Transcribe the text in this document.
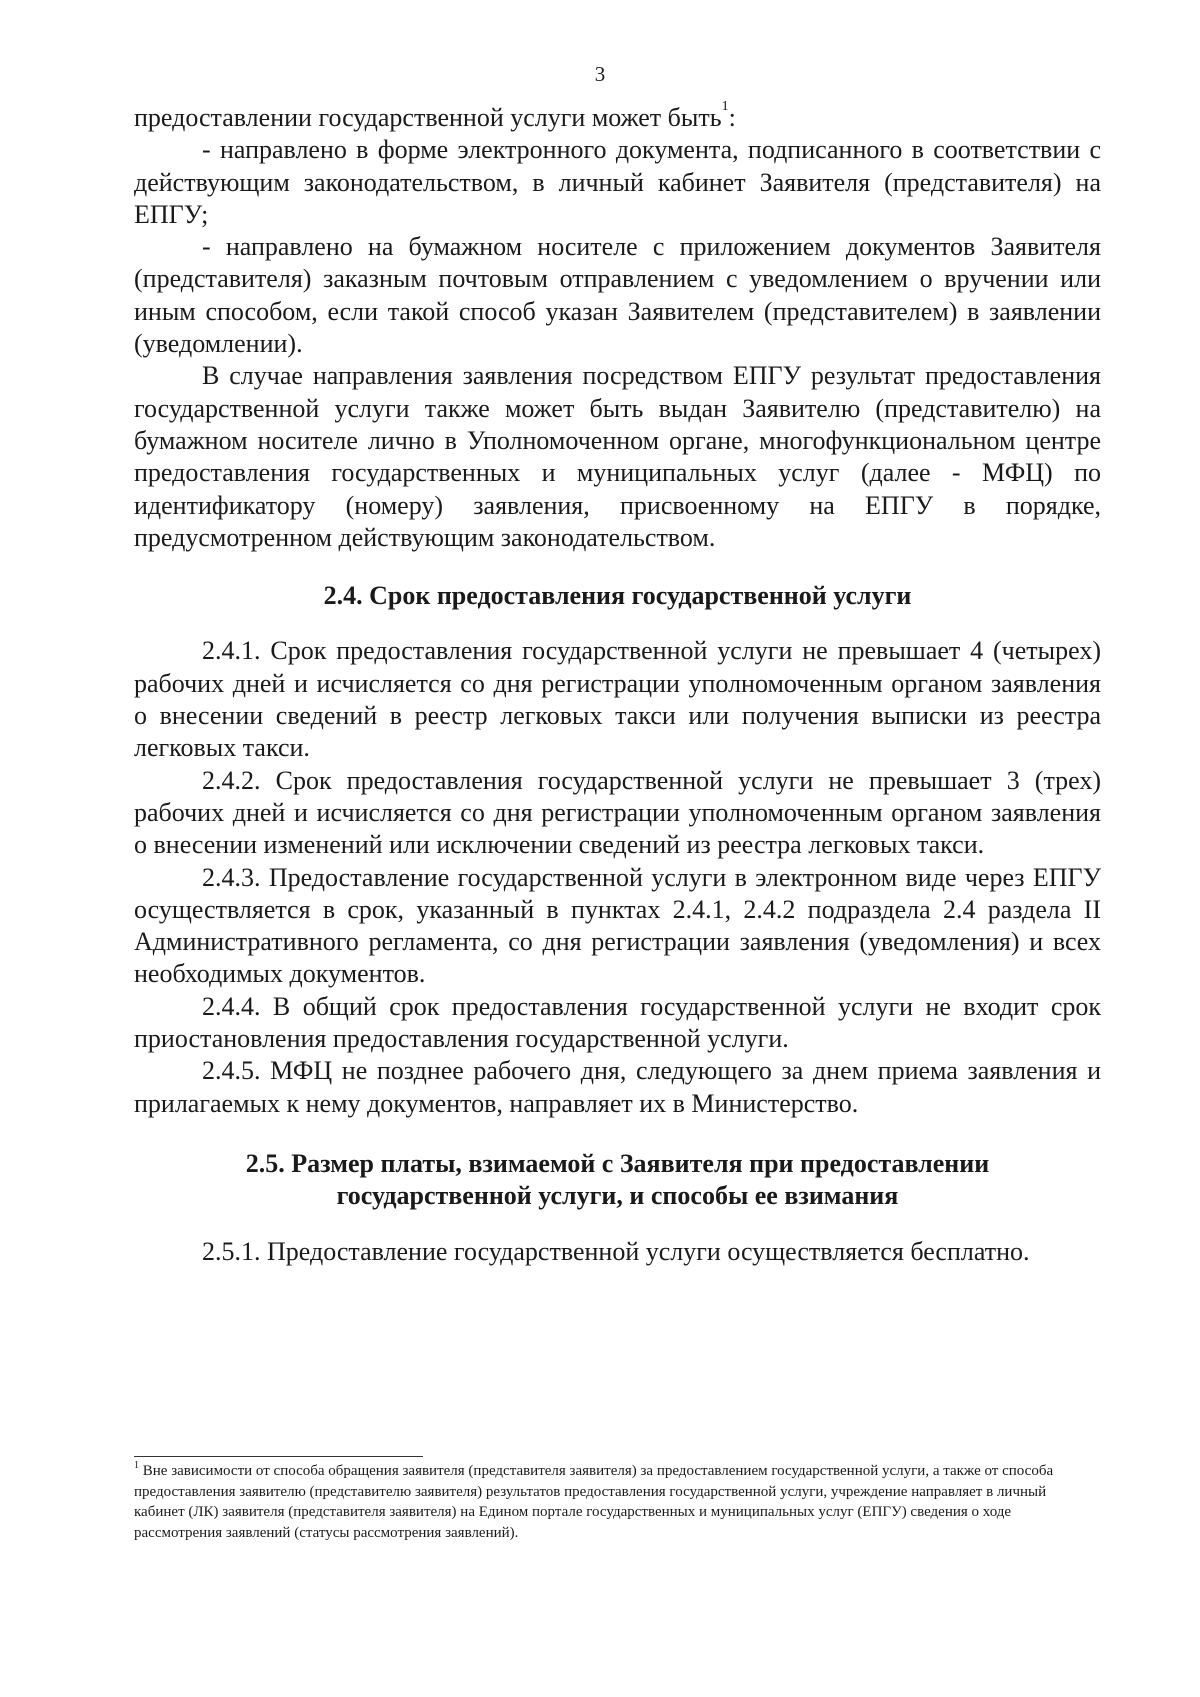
3

предоставлении государственной услуги может быть$^1$:

- направлено в форме электронного документа, подписанного в соответствии с действующим законодательством, в личный кабинет Заявителя (представителя) на ЕПГУ;

- направлено на бумажном носителе с приложением документов Заявителя (представителя) заказным почтовым отправлением с уведомлением о вручении или иным способом, если такой способ указан Заявителем (представителем) в заявлении (уведомлении).

В случае направления заявления посредством ЕПГУ результат предоставления государственной услуги также может быть выдан Заявителю (представителю) на бумажном носителе лично в Уполномоченном органе, многофункциональном центре предоставления государственных и муниципальных услуг (далее - МФЦ) по идентификатору (номеру) заявления, присвоенному на ЕПГУ в порядке, предусмотренном действующим законодательством.

2.4. Срок предоставления государственной услуги

2.4.1. Срок предоставления государственной услуги не превышает 4 (четырех) рабочих дней и исчисляется со дня регистрации уполномоченным органом заявления о внесении сведений в реестр легковых такси или получения выписки из реестра легковых такси.

2.4.2. Срок предоставления государственной услуги не превышает 3 (трех) рабочих дней и исчисляется со дня регистрации уполномоченным органом заявления о внесении изменений или исключении сведений из реестра легковых такси.

2.4.3. Предоставление государственной услуги в электронном виде через ЕПГУ осуществляется в срок, указанный в пунктах 2.4.1, 2.4.2 подраздела 2.4 раздела II Административного регламента, со дня регистрации заявления (уведомления) и всех необходимых документов.

2.4.4. В общий срок предоставления государственной услуги не входит срок приостановления предоставления государственной услуги.

2.4.5. МФЦ не позднее рабочего дня, следующего за днем приема заявления и прилагаемых к нему документов, направляет их в Министерство.

2.5. Размер платы, взимаемой с Заявителя при предоставлении
государственной услуги, и способы ее взимания

2.5.1. Предоставление государственной услуги осуществляется бесплатно.

$^1$ Вне зависимости от способа обращения заявителя (представителя заявителя) за предоставлением государственной услуги, а также от способа предоставления заявителю (представителю заявителя) результатов предоставления государственной услуги, учреждение направляет в личный кабинет (ЛК) заявителя (представителя заявителя) на Едином портале государственных и муниципальных услуг (ЕПГУ) сведения о ходе рассмотрения заявлений (статусы рассмотрения заявлений).
